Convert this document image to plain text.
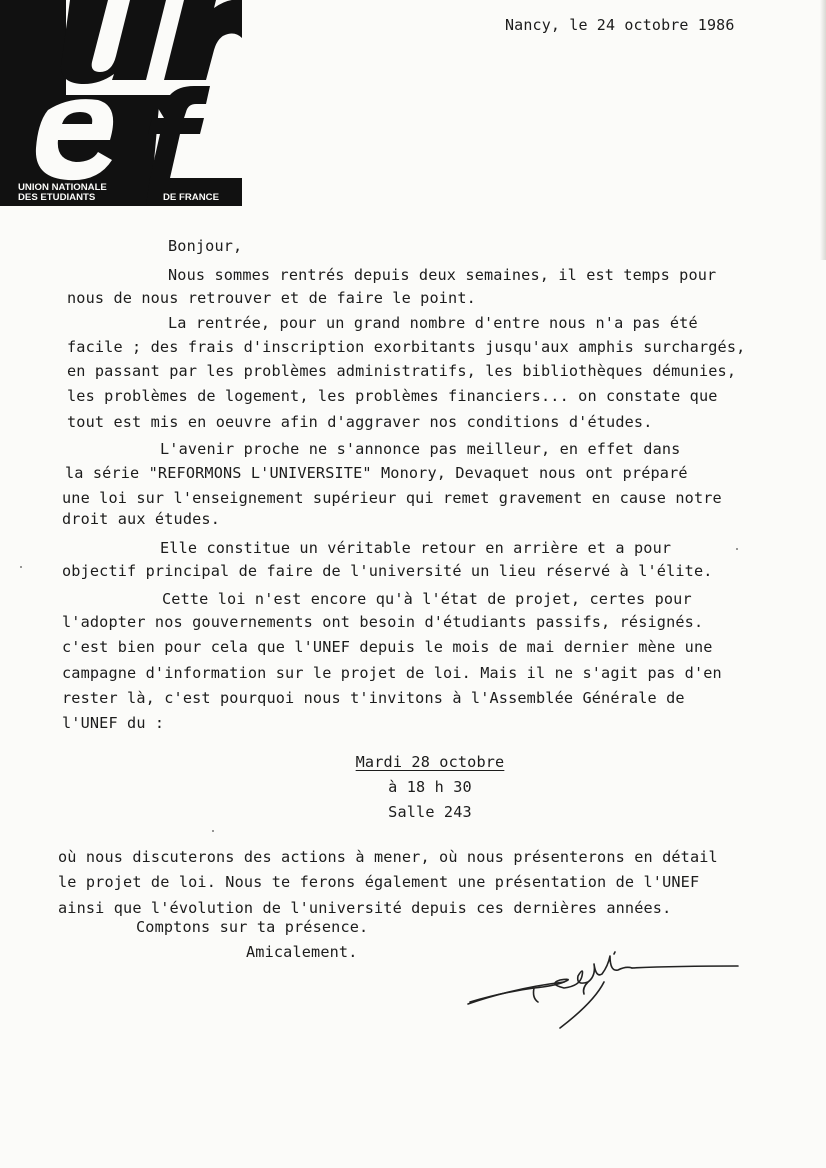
UNION NATIONALE
DES ETUDIANTS	DE FRANCE
Nancy, le 24 octobre 1986
Bonjour,
Nous sommes rentrés depuis deux semaines, il est temps pour
nous de nous retrouver et de faire le point.
La rentrée, pour un grand nombre d'entre nous n'a pas été
facile ; des frais d'inscription exorbitants jusqu'aux amphis surchargés,
en passant par les problèmes administratifs, les bibliothèques démunies,
les problèmes de logement, les problèmes financiers... on constate que
tout est mis en oeuvre afin d'aggraver nos conditions d'études.
L'avenir proche ne s'annonce pas meilleur, en effet dans
la série "REFORMONS L'UNIVERSITE" Monory, Devaquet nous ont préparé
une loi sur l'enseignement supérieur qui remet gravement en cause notre
droit aux études.
Elle constitue un véritable retour en arrière et a pour
objectif principal de faire de l'université un lieu réservé à l'élite.
Cette loi n'est encore qu'à l'état de projet, certes pour
l'adopter nos gouvernements ont besoin d'étudiants passifs, résignés.
c'est bien pour cela que l'UNEF depuis le mois de mai dernier mène une
campagne d'information sur le projet de loi. Mais il ne s'agit pas d'en
rester là, c'est pourquoi nous t'invitons à l'Assemblée Générale de
l'UNEF du :
Mardi 28 octobre
à 18 h 30
Salle 243
où nous discuterons des actions à mener, où nous présenterons en détail
le projet de loi. Nous te ferons également une présentation de l'UNEF
ainsi que l'évolution de l'université depuis ces dernières années.
Comptons sur ta présence.
Amicalement.
